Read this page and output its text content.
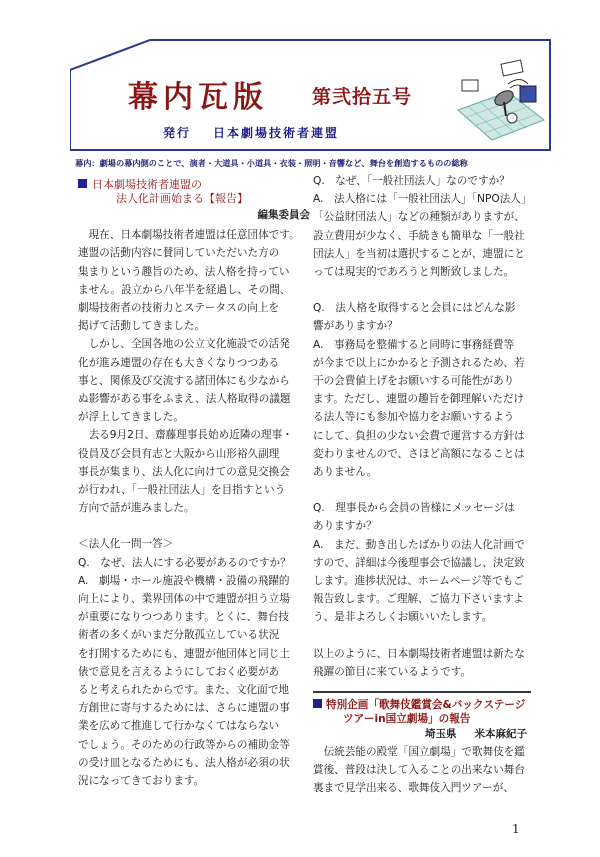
幕内瓦版 第弐拾五号
発行 日本劇場技術者連盟
幕内：劇場の幕内側のことで、演者・大道具・小道具・衣装・照明・音響など、舞台を創造するものの総称
日本劇場技術者連盟の
法人化計画始まる【報告】
編集委員会

　現在、日本劇場技術者連盟は任意団体です。

連盟の活動内容に賛同していただいた方の

集まりという趣旨のため、法人格を持ってい

ません。設立から八年半を経過し、その間、

劇場技術者の技術力とステータスの向上を

掲げて活動してきました。

　しかし、全国各地の公立文化施設での活発

化が進み連盟の存在も大きくなりつつある

事と、関係及び交流する諸団体にも少なから

ぬ影響がある事をふまえ、法人格取得の議題

が浮上してきました。

　去る9月2日、齋藤理事長始め近隣の理事・

役員及び会員有志と大阪から山形裕久副理

事長が集まり、法人化に向けての意見交換会

が行われ、「一般社団法人」を目指すという

方向で話が進みました。

＜法人化一問一答＞

Q.　なぜ、法人にする必要があるのですか？

A.　劇場・ホール施設や機構・設備の飛躍的

向上により、業界団体の中で連盟が担う立場

が重要になりつつあります。とくに、舞台技

術者の多くがいまだ分散孤立している状況

を打開するためにも、連盟が他団体と同じ土

俵で意見を言えるようにしておく必要があ

ると考えられたからです。また、文化面で地

方創世に寄与するためには、さらに連盟の事

業を広めて推進して行かなくてはならない

でしょう。そのための行政等からの補助金等

の受け皿となるためにも、法人格が必須の状

況になってきております。

Q.　なぜ、「一般社団法人」なのですか？

A.　法人格には「一般社団法人」「NPO法人」

「公益財団法人」などの種類がありますが、

設立費用が少なく、手続きも簡単な「一般社

団法人」を当初は選択することが、連盟にと

っては現実的であろうと判断致しました。

Q.　法人格を取得すると会員にはどんな影

響がありますか？

A.　事務局を整備すると同時に事務経費等

が今まで以上にかかると予測されるため、若

干の会費値上げをお願いする可能性があり

ます。ただし、連盟の趣旨を御理解いただけ

る法人等にも参加や協力をお願いするよう

にして、負担の少ない会費で運営する方針は

変わりませんので、さほど高額になることは

ありません。

Q.　理事長から会員の皆様にメッセージは

ありますか？

A.　まだ、動き出したばかりの法人化計画で

すので、詳細は今後理事会で協議し、決定致

します。進捗状況は、ホームページ等でもご

報告致します。ご理解、ご協力下さいますよ

う、是非よろしくお願いいたします。

以上のように、日本劇場技術者連盟は新たな

飛躍の節目に来ているようです。

特別企画「歌舞伎鑑賞会&バックステージ
ツアーin国立劇場」の報告
埼玉県 米本麻紀子

　伝統芸能の殿堂「国立劇場」で歌舞伎を鑑

賞後、普段は決して入ることの出来ない舞台

裏まで見学出来る、歌舞伎入門ツアーが、

1
